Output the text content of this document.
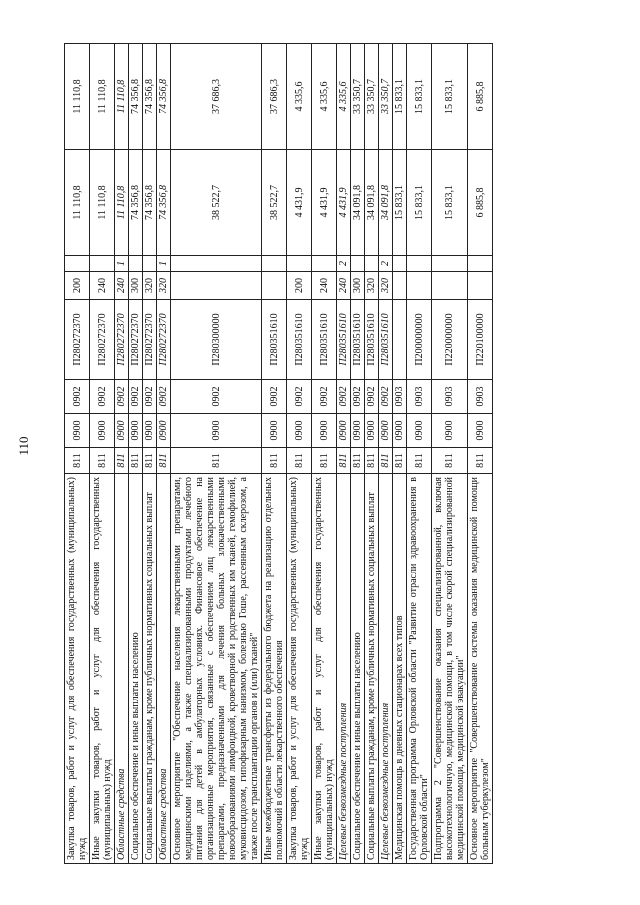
110
Закупка товаров, работ и услуг для обеспечения государственных (муниципальных) нужд	811	0900	0902	П280272370	200		11 110,8	11 110,8
Иные закупки товаров, работ и услуг для обеспечения государственных (муниципальных) нужд	811	0900	0902	П280272370	240		11 110,8	11 110,8
Областные средства	811	0900	0902	П280272370	240	1	11 110,8	11 110,8
Социальное обеспечение и иные выплаты населению	811	0900	0902	П280272370	300		74 356,8	74 356,8
Социальные выплаты гражданам, кроме публичных нормативных социальных выплат	811	0900	0902	П280272370	320		74 356,8	74 356,8
Областные средства	811	0900	0902	П280272370	320	1	74 356,8	74 356,8
Основное мероприятие "Обеспечение населения лекарственными препаратами, медицинскими изделиями, а также специализированными продуктами лечебного питания для детей в амбулаторных условиях. Финансовое обеспечение на организационные мероприятия, связанные с обеспечением лиц лекарственными препаратами, предназначенными для лечения больных злокачественными новообразованиями лимфоидной, кроветворной и родственных им тканей, гемофилией, муковисцидозом, гипофизарным нанизмом, болезнью Гоше, рассеянным склерозом, а также после трансплантации органов и (или) тканей"	811	0900	0902	П280300000			38 522,7	37 686,3
Иные межбюджетные трансферты из федерального бюджета на реализацию отдельных полномочий в области лекарственного обеспечения	811	0900	0902	П280351610			38 522,7	37 686,3
Закупка товаров, работ и услуг для обеспечения государственных (муниципальных) нужд	811	0900	0902	П280351610	200		4 431,9	4 335,6
Иные закупки товаров, работ и услуг для обеспечения государственных (муниципальных) нужд	811	0900	0902	П280351610	240		4 431,9	4 335,6
Целевые безвозмездные поступления	811	0900	0902	П280351610	240	2	4 431,9	4 335,6
Социальное обеспечение и иные выплаты населению	811	0900	0902	П280351610	300		34 091,8	33 350,7
Социальные выплаты гражданам, кроме публичных нормативных социальных выплат	811	0900	0902	П280351610	320		34 091,8	33 350,7
Целевые безвозмездные поступления	811	0900	0902	П280351610	320	2	34 091,8	33 350,7
Медицинская помощь в дневных стационарах всех типов	811	0900	0903				15 833,1	15 833,1
Государственная программа Орловской области "Развитие отрасли здравоохранения в Орловской области"	811	0900	0903	П200000000			15 833,1	15 833,1
Подпрограмма 2 "Совершенствование оказания специализированной, включая высокотехнологичную, медицинской помощи, в том числе скорой специализированной медицинской помощи, медицинской эвакуации"	811	0900	0903	П220000000			15 833,1	15 833,1
Основное мероприятие "Совершенствование системы оказания медицинской помощи больным туберкулезом"	811	0900	0903	П220100000			6 885,8	6 885,8
